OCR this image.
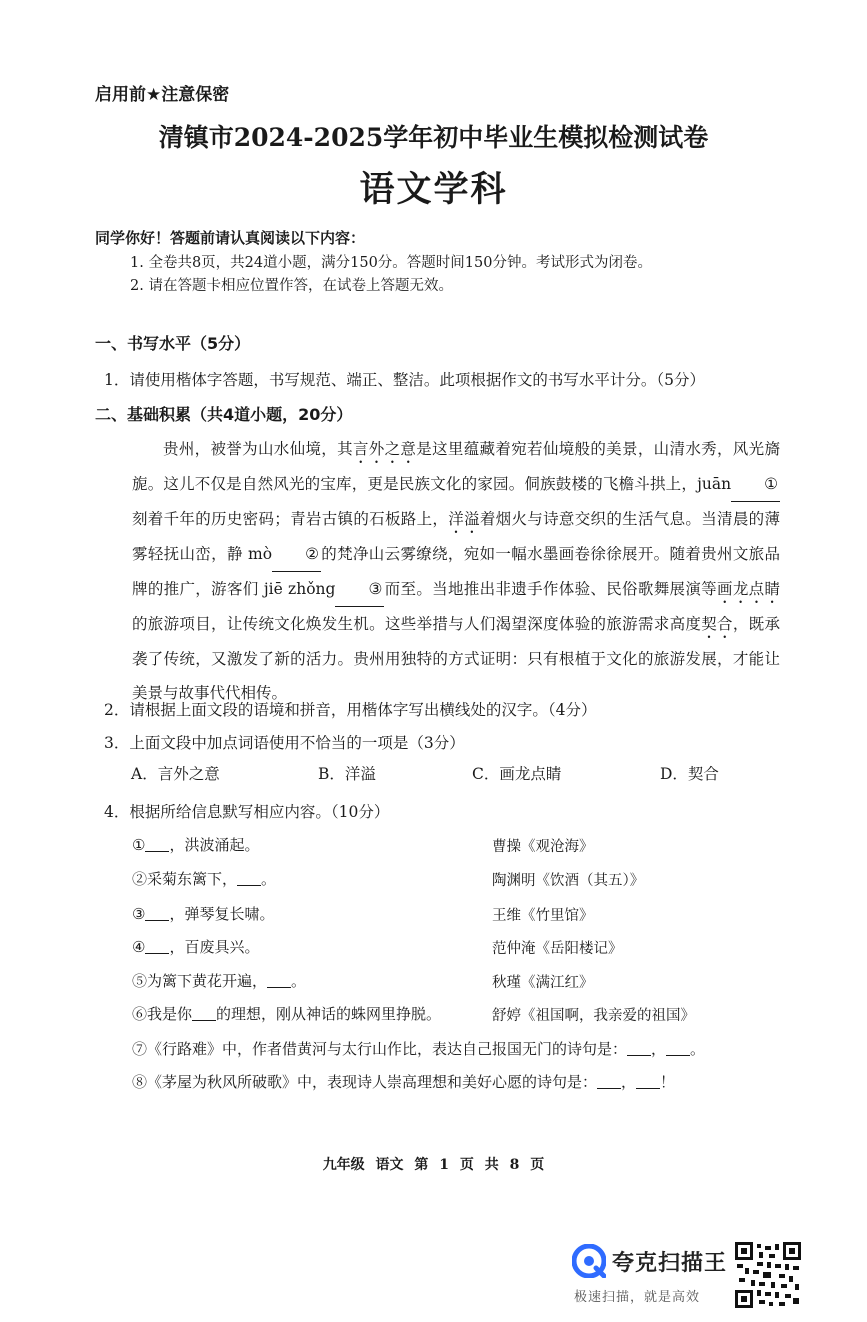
启用前★注意保密
清镇市2024-2025学年初中毕业生模拟检测试卷
语文学科
同学你好！答题前请认真阅读以下内容：
1. 全卷共8页，共24道小题，满分150分。答题时间150分钟。考试形式为闭卷。
2. 请在答题卡相应位置作答，在试卷上答题无效。
一、书写水平（5分）
1．请使用楷体字答题，书写规范、端正、整洁。此项根据作文的书写水平计分。（5分）
二、基础积累（共4道小题，20分）

贵州，被誉为山水仙境，其言外之意是这里蕴藏着宛若仙境般的美景，山清水秀，风光旖旎。这儿不仅是自然风光的宝库，更是民族文化的家园。侗族鼓楼的飞檐斗拱上，juān ①刻着千年的历史密码；青岩古镇的石板路上，洋溢着烟火与诗意交织的生活气息。当清晨的薄雾轻抚山峦，静 mò ② 的梵净山云雾缭绕，宛如一幅水墨画卷徐徐展开。随着贵州文旅品牌的推广，游客们 jiē zhǒng ③ 而至。当地推出非遗手作体验、民俗歌舞展演等画龙点睛的旅游项目，让传统文化焕发生机。这些举措与人们渴望深度体验的旅游需求高度契合，既承袭了传统，又激发了新的活力。贵州用独特的方式证明：只有根植于文化的旅游发展，才能让美景与故事代代相传。

2．请根据上面文段的语境和拼音，用楷体字写出横线处的汉字。（4分）
3．上面文段中加点词语使用不恰当的一项是（3分）
A．言外之意	B．洋溢	C．画龙点睛	D．契合
4．根据所给信息默写相应内容。（10分）
① ，洪波涌起。	曹操《观沧海》
②采菊东篱下， 。	陶渊明《饮酒（其五）》
③ ，弹琴复长啸。	王维《竹里馆》
④ ，百废具兴。	范仲淹《岳阳楼记》
⑤为篱下黄花开遍， 。	秋瑾《满江红》
⑥我是你 的理想，刚从神话的蛛网里挣脱。	舒婷《祖国啊，我亲爱的祖国》
⑦《行路难》中，作者借黄河与太行山作比，表达自己报国无门的诗句是： ， 。
⑧《茅屋为秋风所破歌》中，表现诗人崇高理想和美好心愿的诗句是： ， ！
九年级 语文 第 1 页 共 8 页
夸克扫描王
极速扫描，就是高效
